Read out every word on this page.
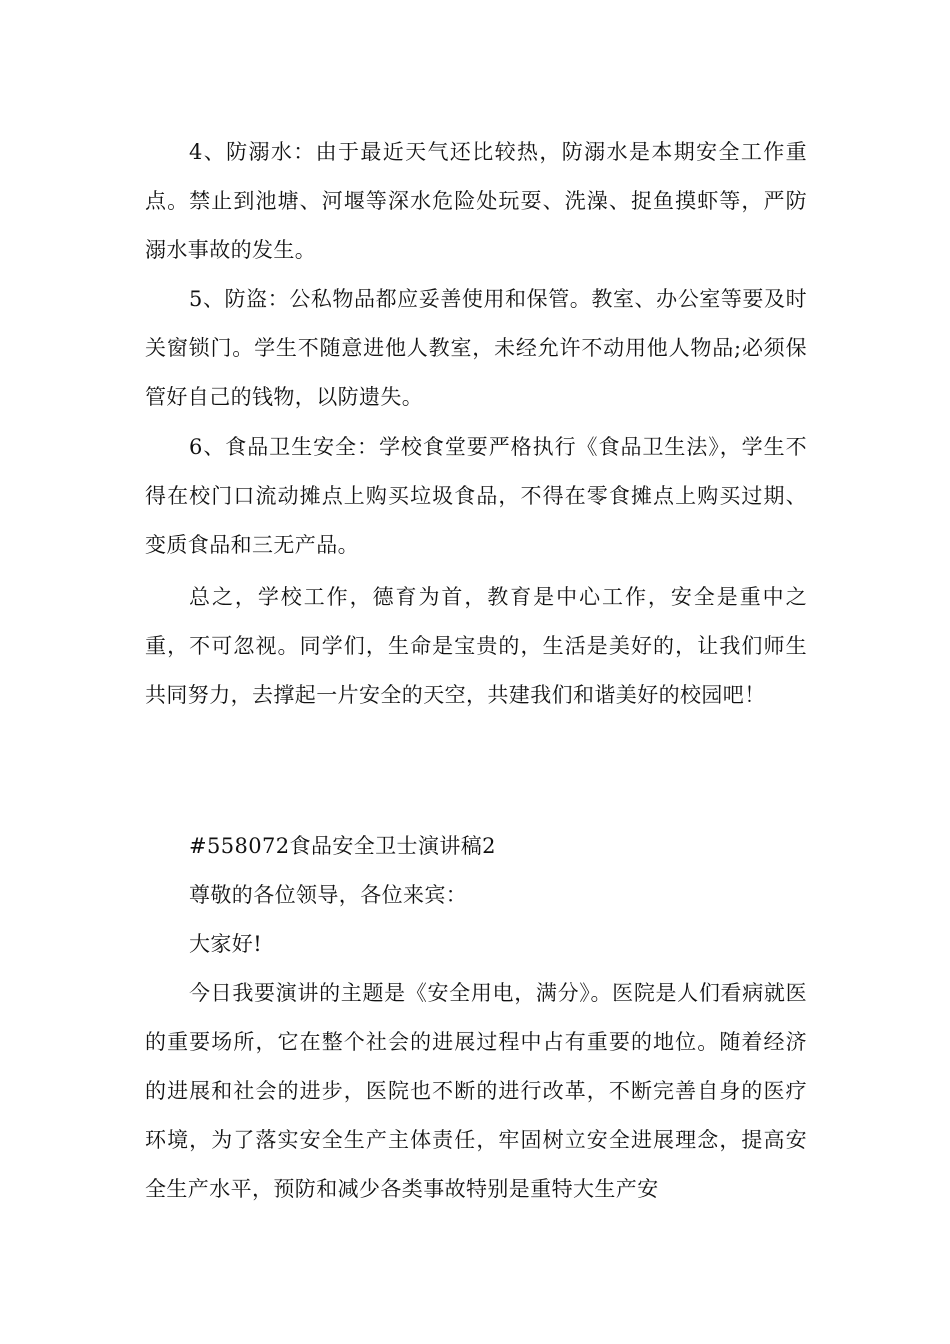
4、防溺水：由于最近天气还比较热，防溺水是本期安全工作重点。禁止到池塘、河堰等深水危险处玩耍、洗澡、捉鱼摸虾等，严防溺水事故的发生。

5、防盗：公私物品都应妥善使用和保管。教室、办公室等要及时关窗锁门。学生不随意进他人教室，未经允许不动用他人物品;必须保管好自己的钱物，以防遗失。

6、食品卫生安全：学校食堂要严格执行《食品卫生法》，学生不得在校门口流动摊点上购买垃圾食品，不得在零食摊点上购买过期、变质食品和三无产品。

总之，学校工作，德育为首，教育是中心工作，安全是重中之重，不可忽视。同学们，生命是宝贵的，生活是美好的，让我们师生共同努力，去撑起一片安全的天空，共建我们和谐美好的校园吧！

#558072食品安全卫士演讲稿2

尊敬的各位领导，各位来宾：

大家好!

今日我要演讲的主题是《安全用电，满分》。医院是人们看病就医的重要场所，它在整个社会的进展过程中占有重要的地位。随着经济的进展和社会的进步，医院也不断的进行改革，不断完善自身的医疗环境，为了落实安全生产主体责任，牢固树立安全进展理念，提高安全生产水平，预防和减少各类事故特别是重特大生产安
